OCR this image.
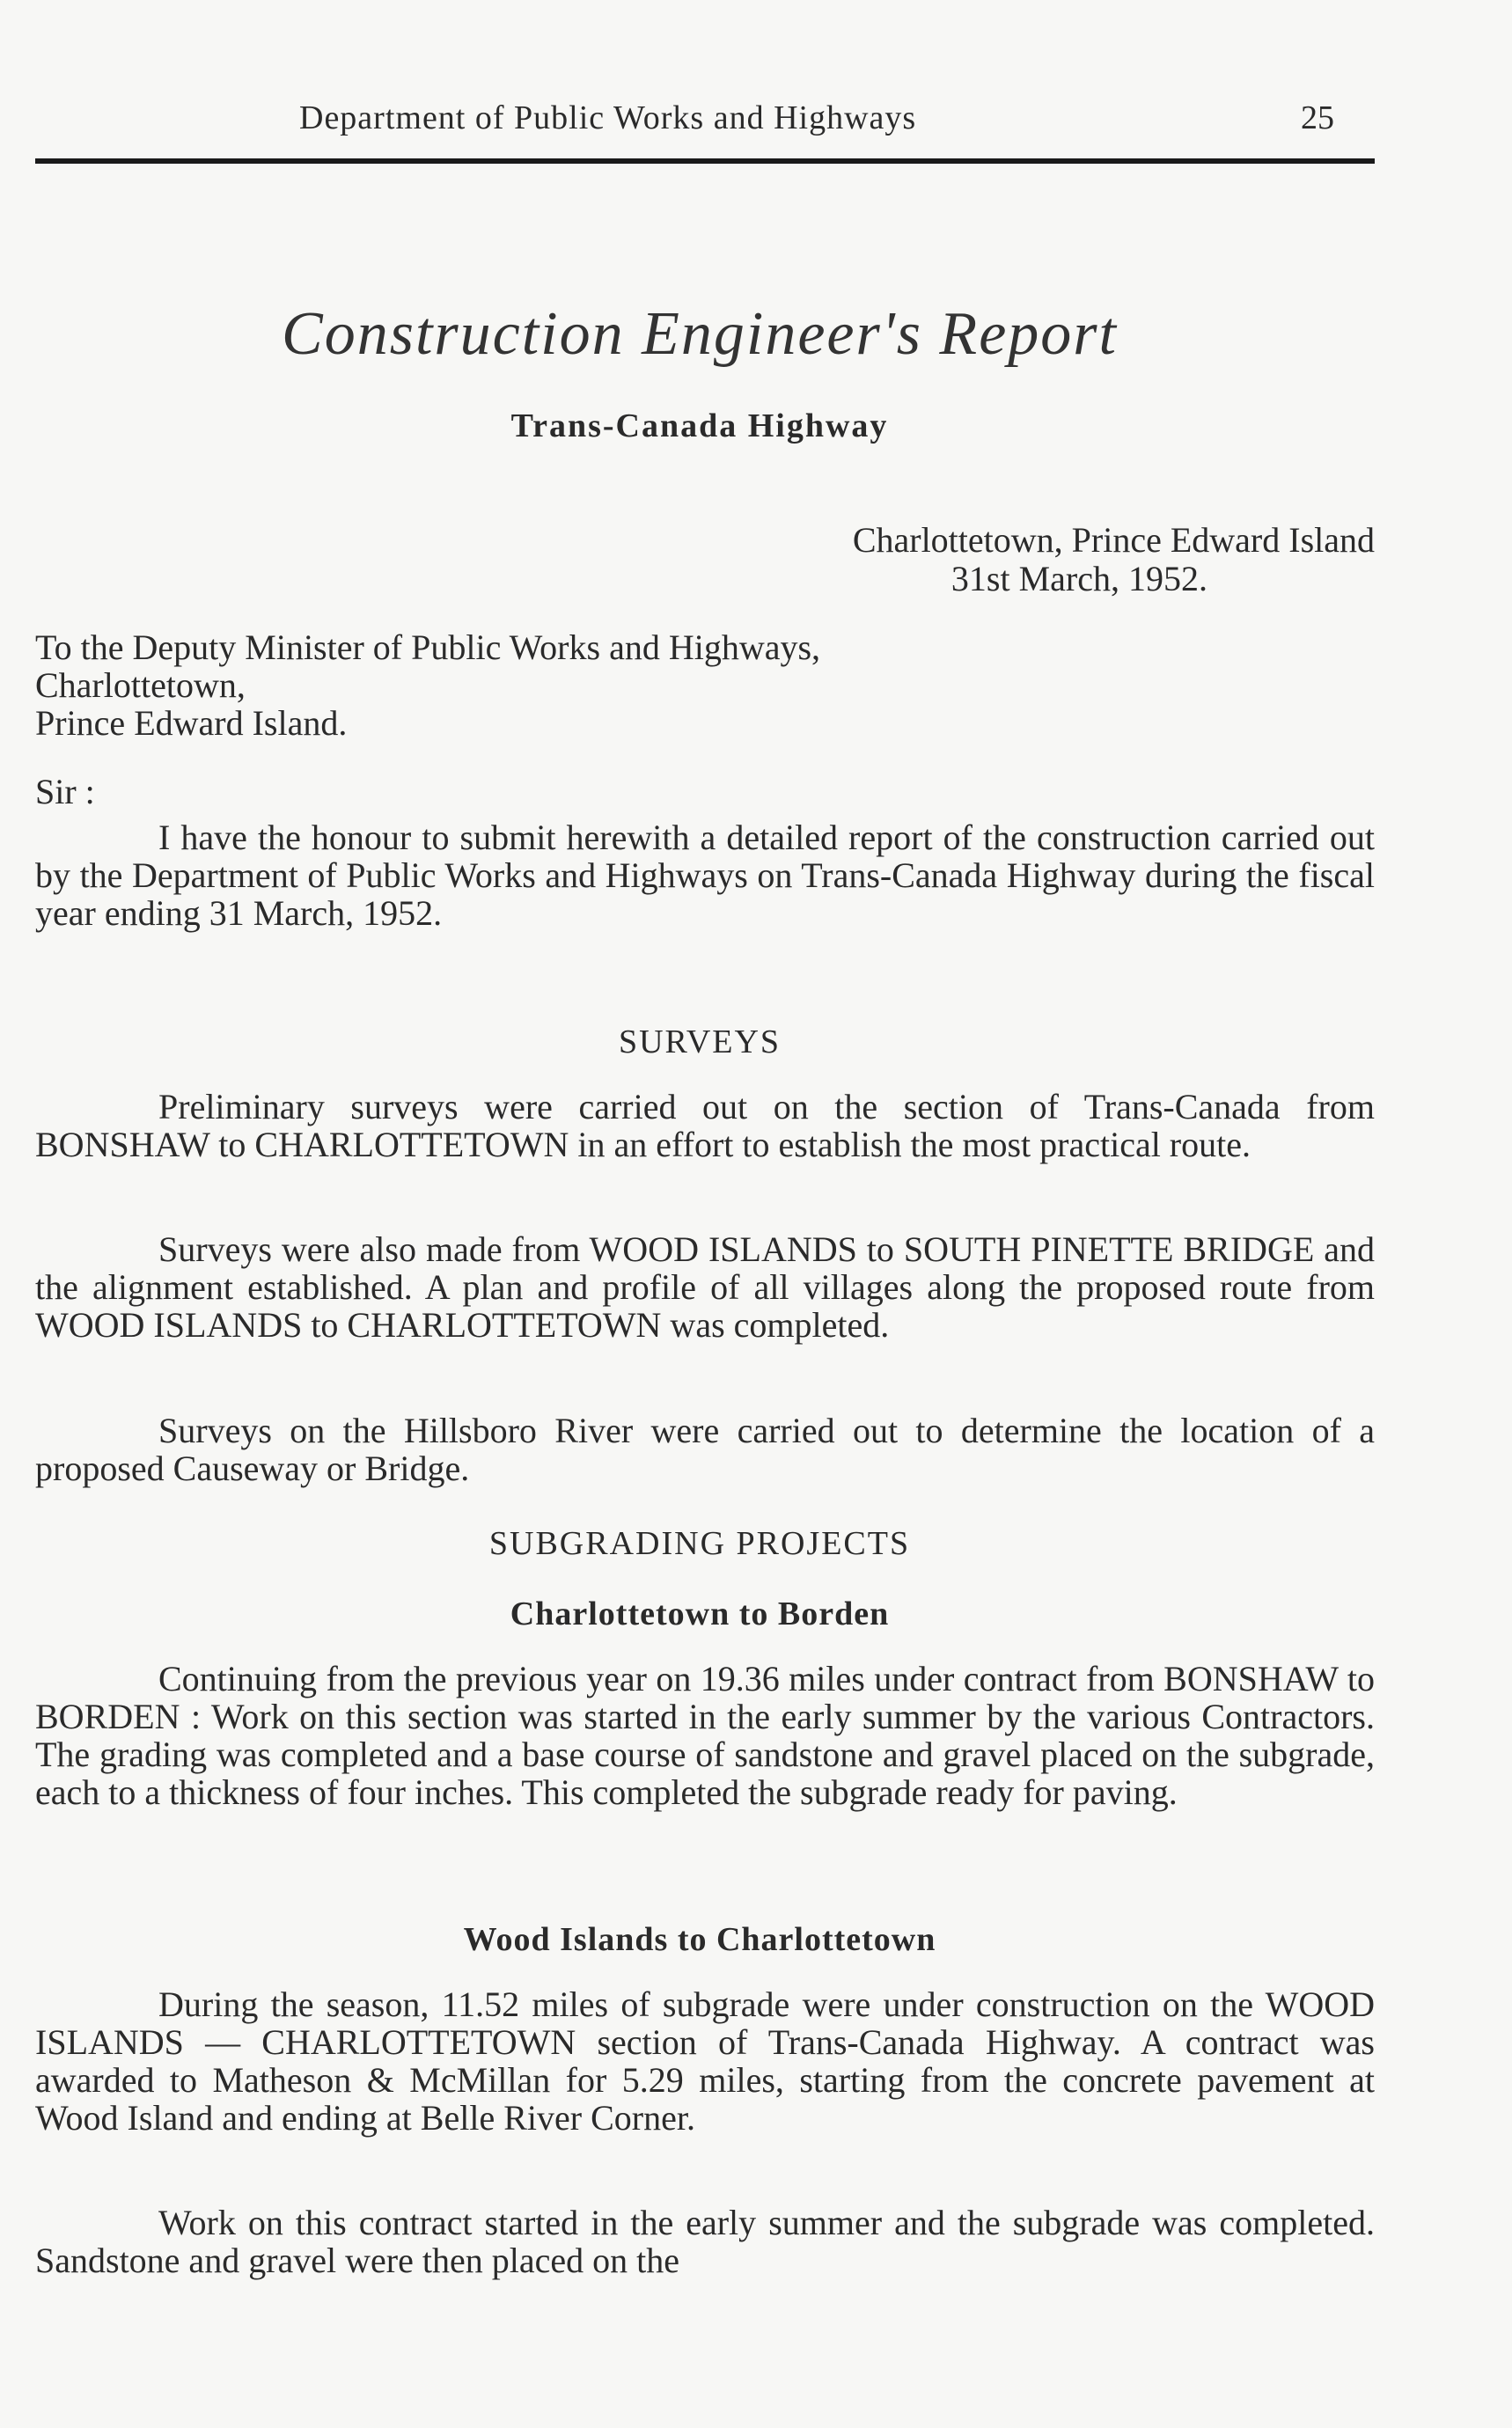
Department of Public Works and Highways	25
Construction Engineer's Report
Trans-Canada Highway
Charlottetown, Prince Edward Island
31st March, 1952.
To the Deputy Minister of Public Works and Highways,
Charlottetown,
Prince Edward Island.
Sir :

I have the honour to submit herewith a detailed report of the construction carried out by the Department of Public Works and Highways on Trans-Canada Highway during the fiscal year ending 31 March, 1952.

SURVEYS

Preliminary surveys were carried out on the section of Trans-Canada from BONSHAW to CHARLOTTETOWN in an effort to establish the most practical route.

Surveys were also made from WOOD ISLANDS to SOUTH PINETTE BRIDGE and the alignment established. A plan and profile of all villages along the proposed route from WOOD ISLANDS to CHARLOTTETOWN was completed.

Surveys on the Hillsboro River were carried out to determine the location of a proposed Causeway or Bridge.

SUBGRADING PROJECTS
Charlottetown to Borden

Continuing from the previous year on 19.36 miles under contract from BONSHAW to BORDEN : Work on this section was started in the early summer by the various Contractors. The grading was completed and a base course of sandstone and gravel placed on the subgrade, each to a thickness of four inches. This completed the subgrade ready for paving.

Wood Islands to Charlottetown

During the season, 11.52 miles of subgrade were under construction on the WOOD ISLANDS — CHARLOTTETOWN section of Trans-Canada Highway. A contract was awarded to Matheson & McMillan for 5.29 miles, starting from the concrete pavement at Wood Island and ending at Belle River Corner.

Work on this contract started in the early summer and the subgrade was completed. Sandstone and gravel were then placed on the
